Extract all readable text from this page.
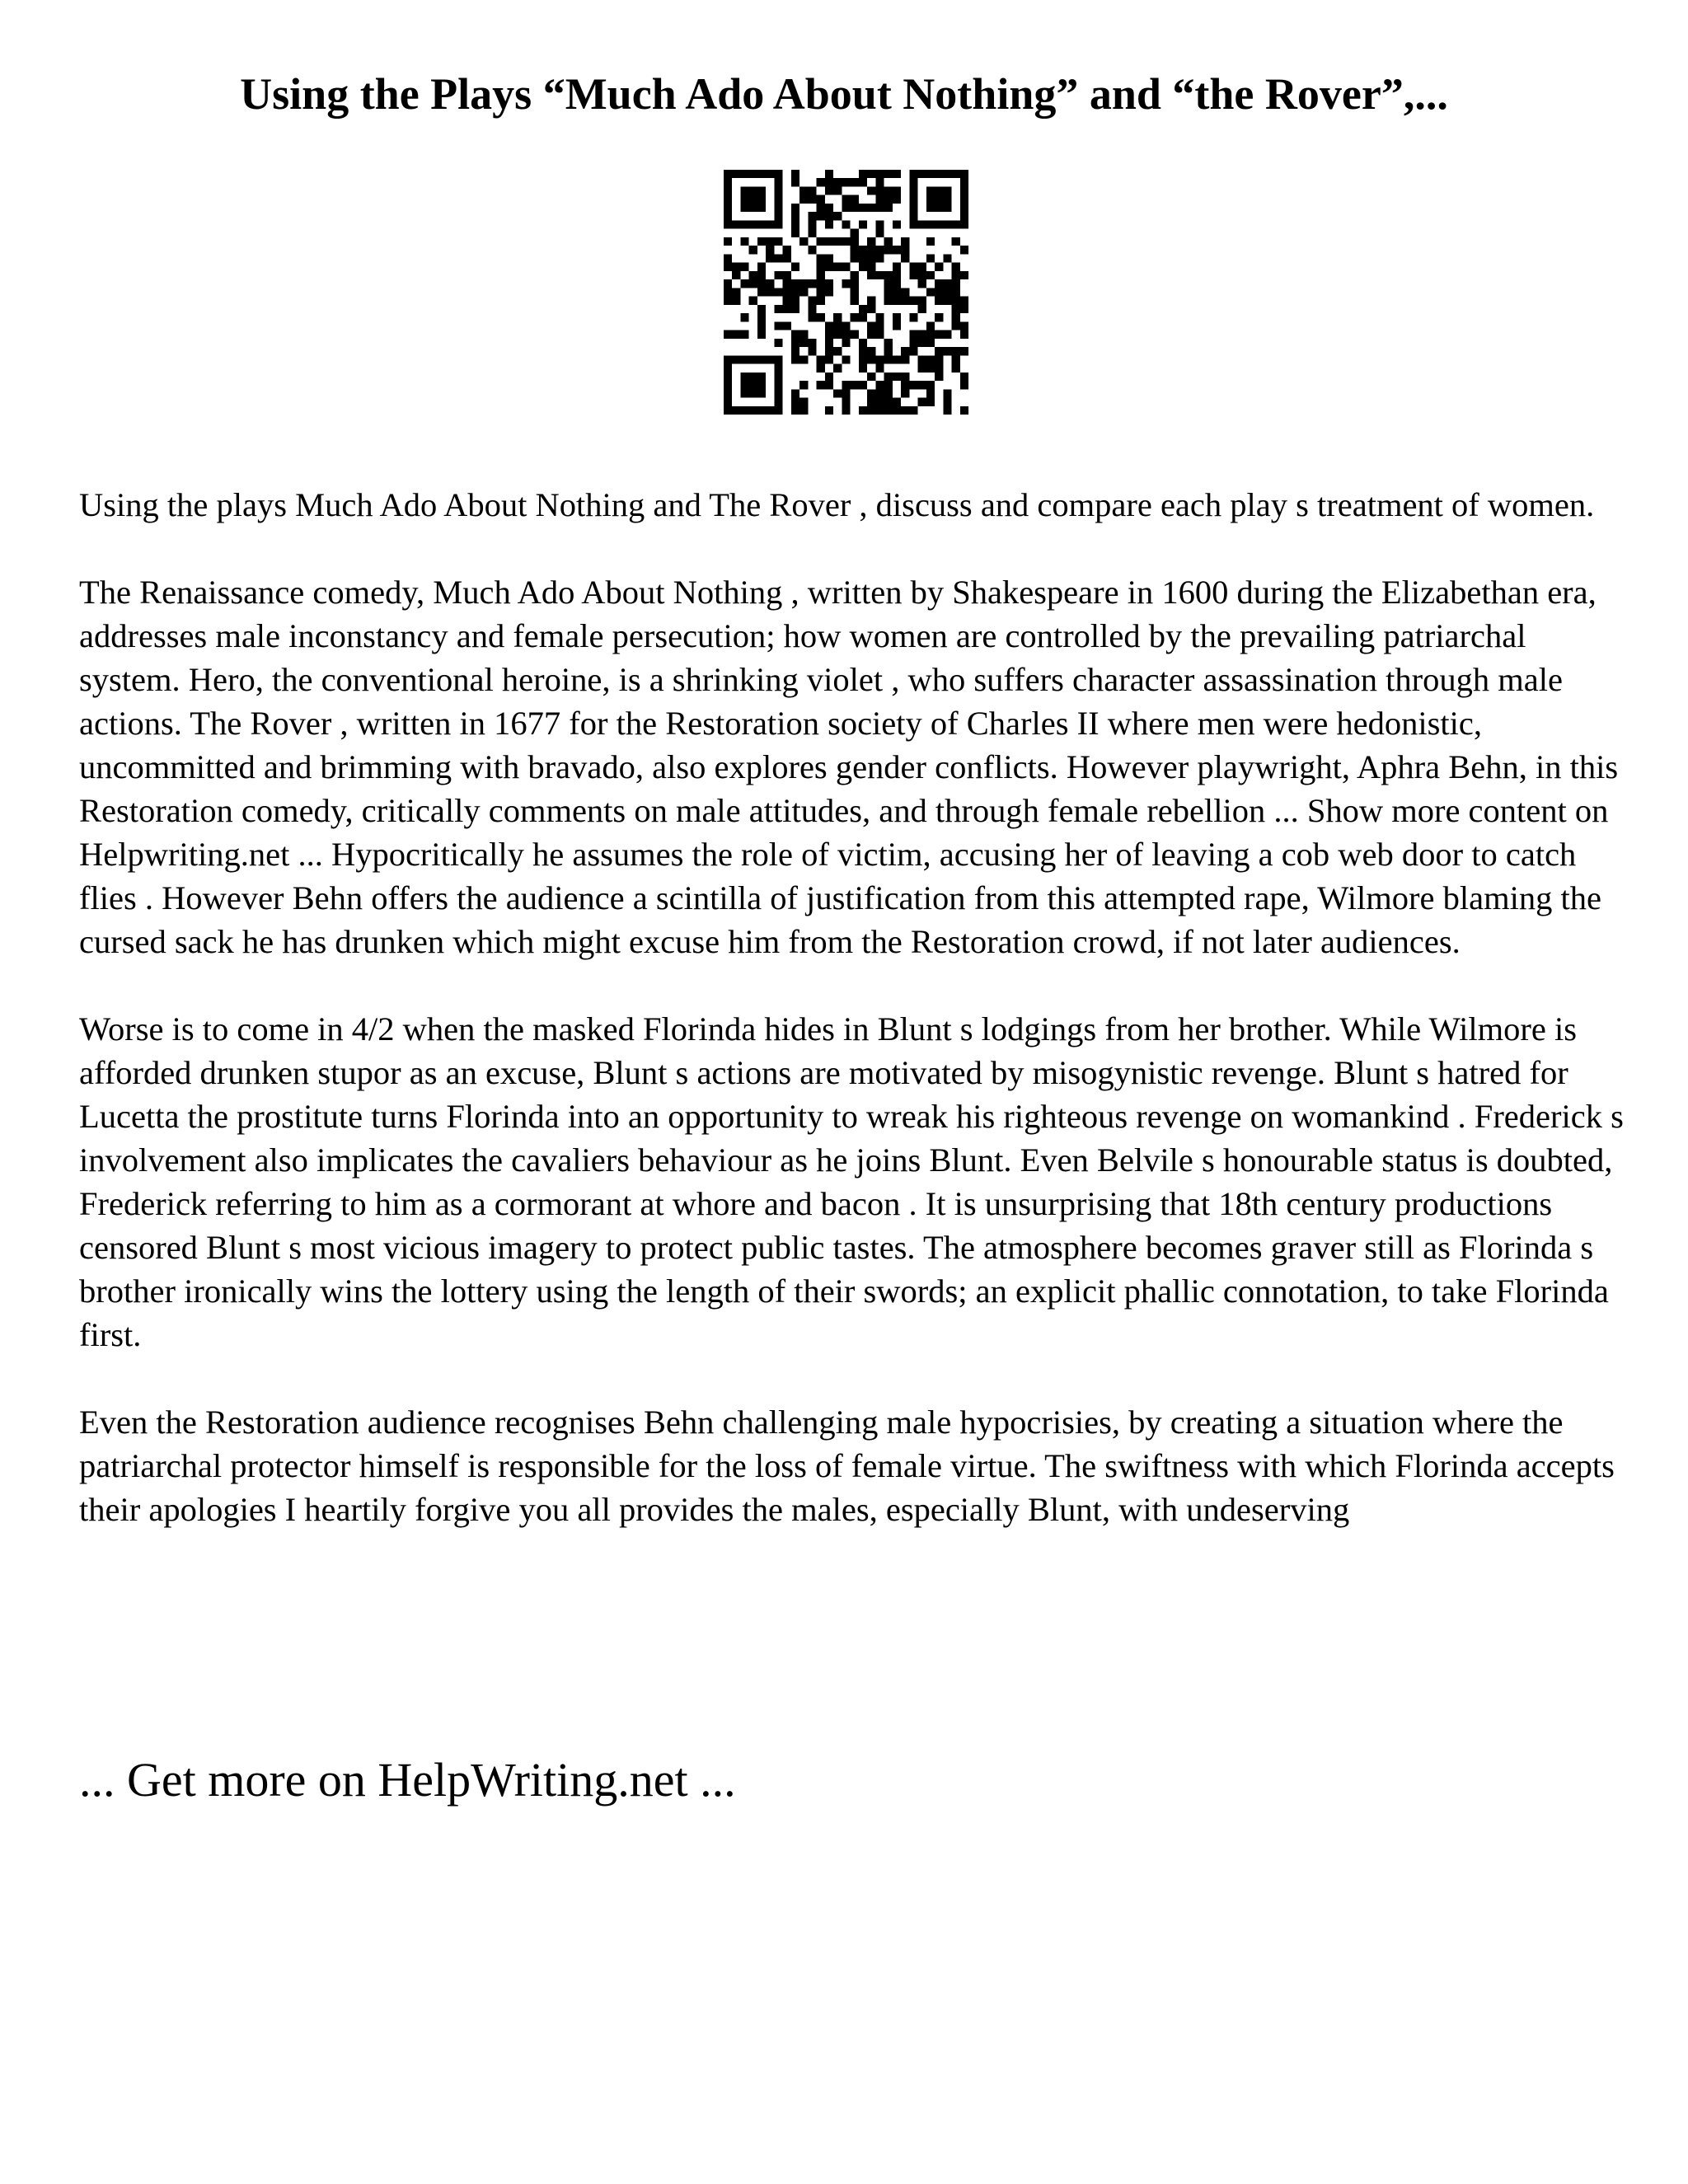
Using the Plays “Much Ado About Nothing” and “the Rover”,...

Using the plays Much Ado About Nothing and The Rover , discuss and compare each play s treatment of women.

The Renaissance comedy, Much Ado About Nothing , written by Shakespeare in 1600 during the Elizabethan era, addresses male inconstancy and female persecution; how women are controlled by the prevailing patriarchal system. Hero, the conventional heroine, is a shrinking violet , who suffers character assassination through male actions. The Rover , written in 1677 for the Restoration society of Charles II where men were hedonistic, uncommitted and brimming with bravado, also explores gender conflicts. However playwright, Aphra Behn, in this Restoration comedy, critically comments on male attitudes, and through female rebellion ... Show more content on Helpwriting.net ... Hypocritically he assumes the role of victim, accusing her of leaving a cob web door to catch flies . However Behn offers the audience a scintilla of justification from this attempted rape, Wilmore blaming the cursed sack he has drunken which might excuse him from the Restoration crowd, if not later audiences.

Worse is to come in 4/2 when the masked Florinda hides in Blunt s lodgings from her brother. While Wilmore is afforded drunken stupor as an excuse, Blunt s actions are motivated by misogynistic revenge. Blunt s hatred for Lucetta the prostitute turns Florinda into an opportunity to wreak his righteous revenge on womankind . Frederick s involvement also implicates the cavaliers behaviour as he joins Blunt. Even Belvile s honourable status is doubted, Frederick referring to him as a cormorant at whore and bacon . It is unsurprising that 18th century productions censored Blunt s most vicious imagery to protect public tastes. The atmosphere becomes graver still as Florinda s brother ironically wins the lottery using the length of their swords; an explicit phallic connotation, to take Florinda first.

Even the Restoration audience recognises Behn challenging male hypocrisies, by creating a situation where the patriarchal protector himself is responsible for the loss of female virtue. The swiftness with which Florinda accepts their apologies I heartily forgive you all provides the males, especially Blunt, with undeserving

... Get more on HelpWriting.net ...
